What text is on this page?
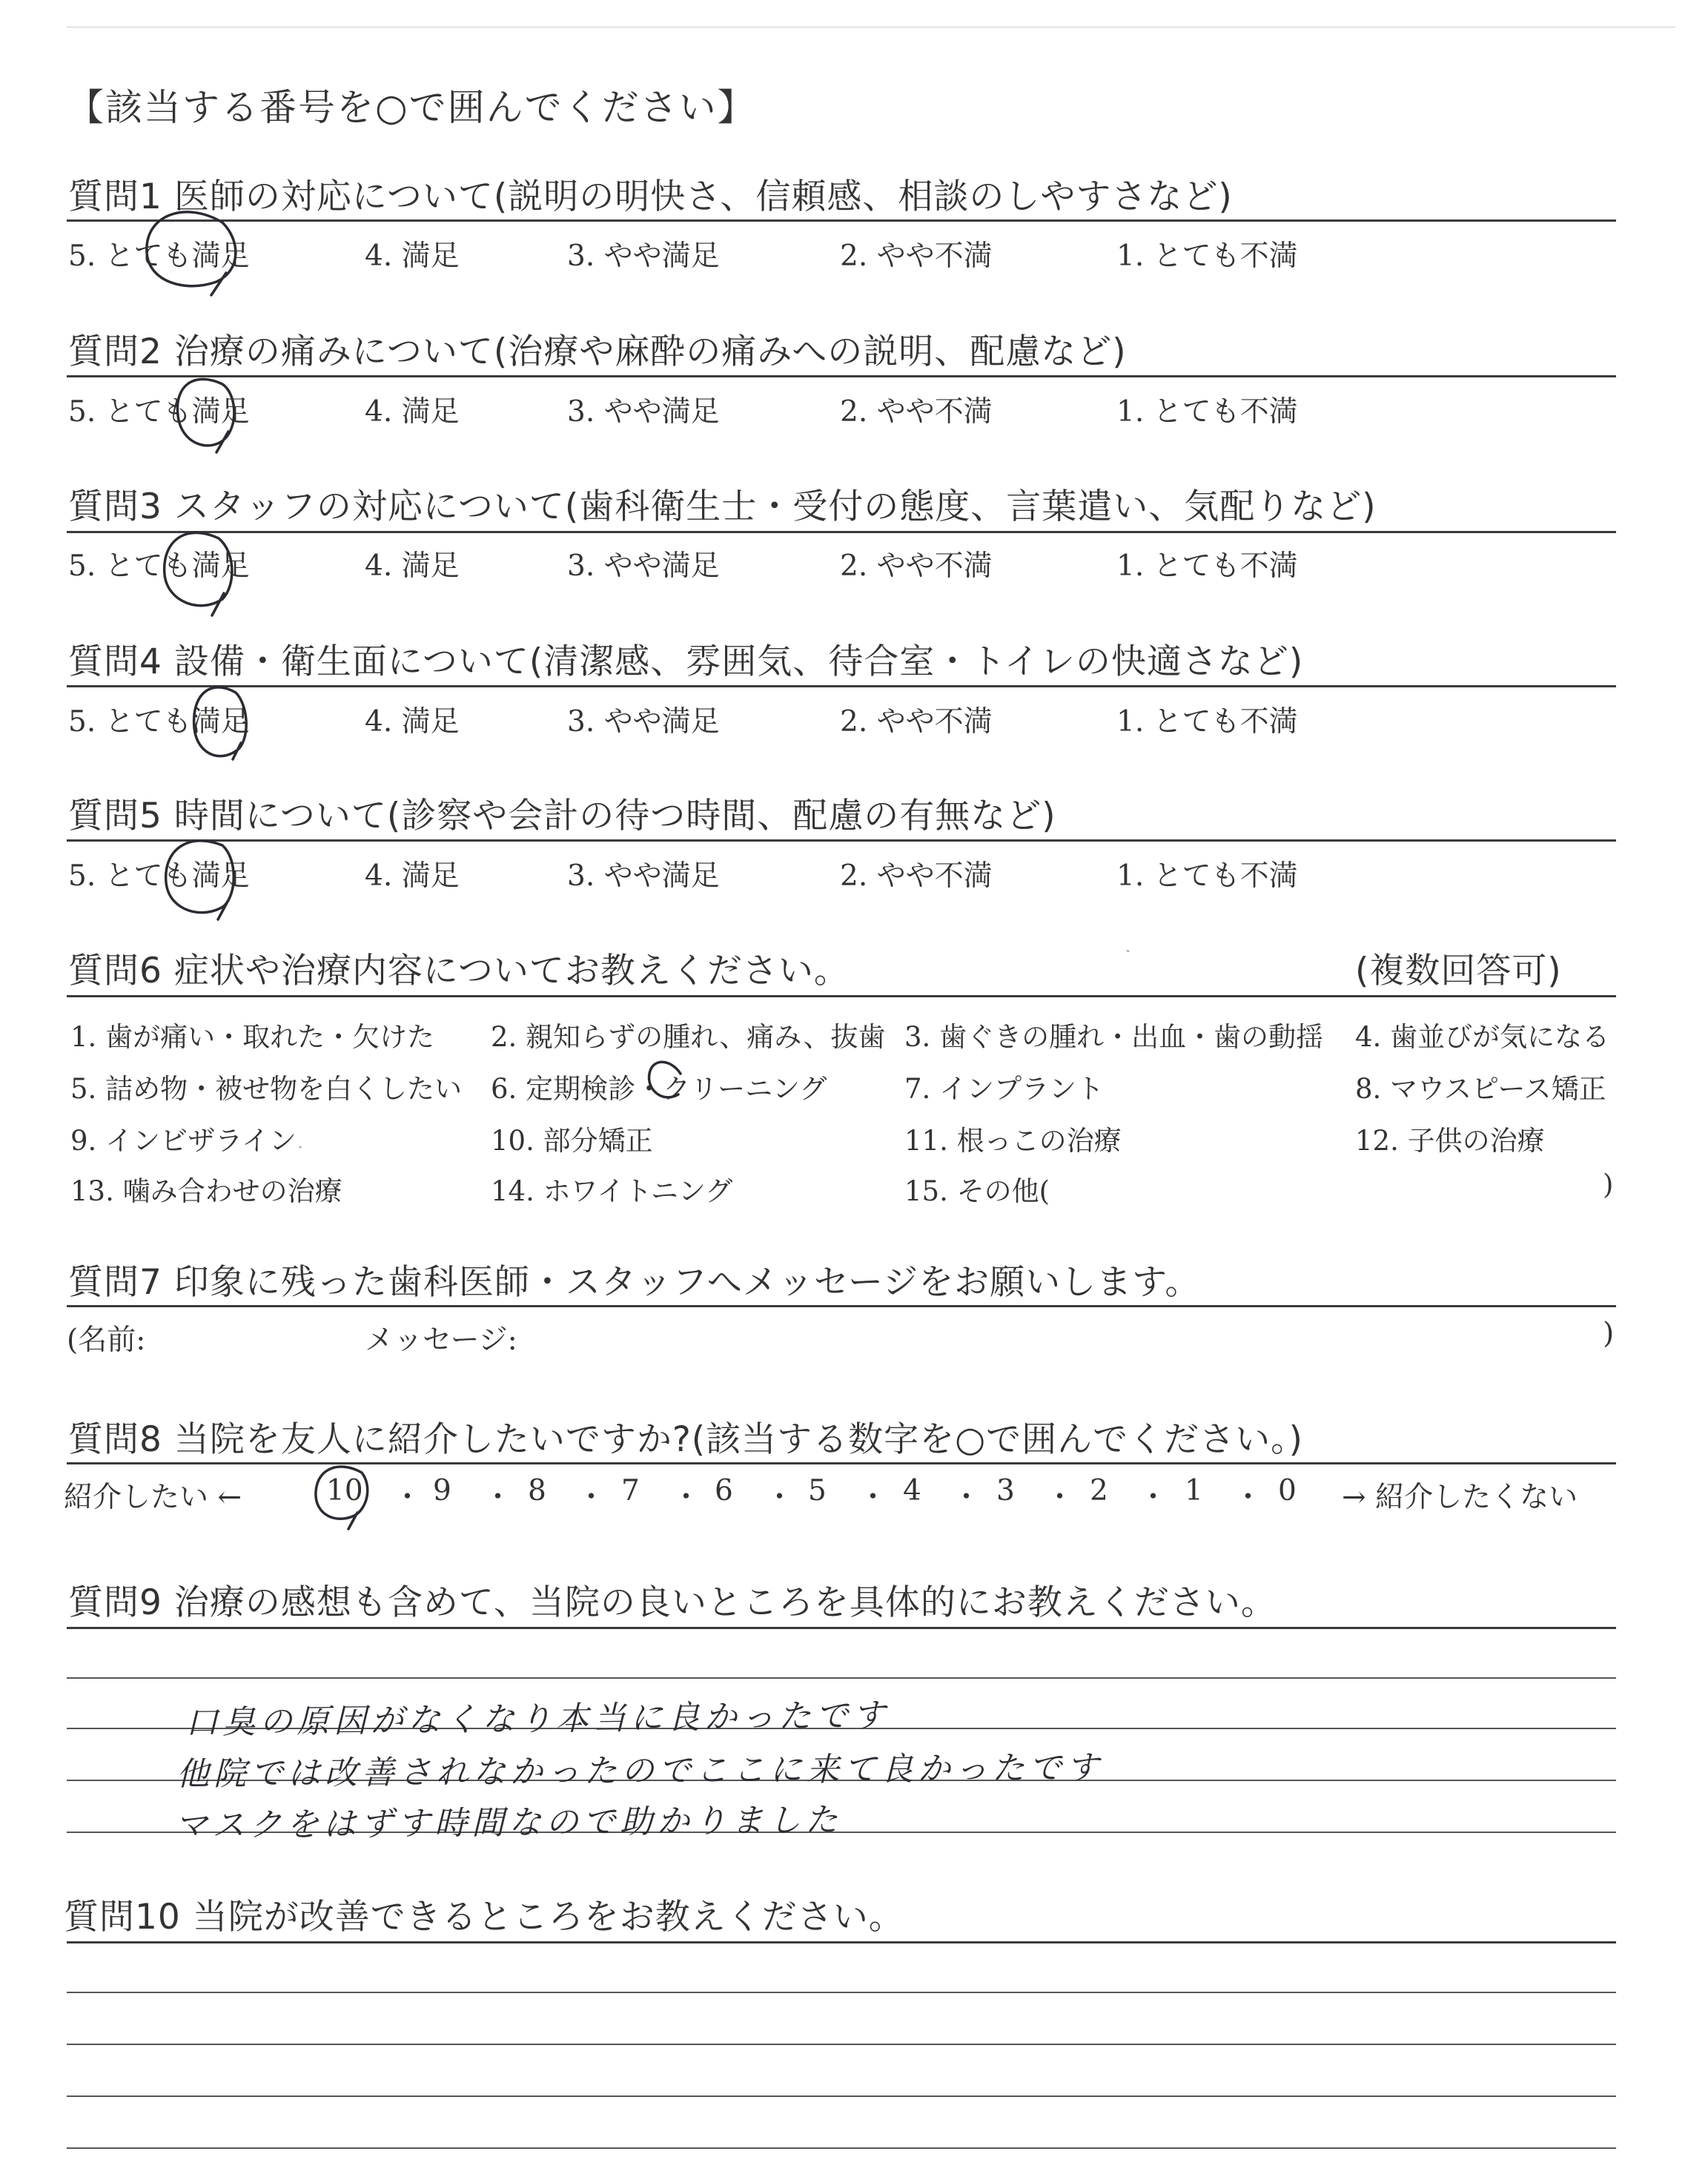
【該当する番号を○で囲んでください】
質問1 医師の対応について(説明の明快さ、信頼感、相談のしやすさなど)
5. とても満足	4. 満足	3. やや満足	2. やや不満	1. とても不満
質問2 治療の痛みについて(治療や麻酔の痛みへの説明、配慮など)
5. とても満足	4. 満足	3. やや満足	2. やや不満	1. とても不満
質問3 スタッフの対応について(歯科衛生士・受付の態度、言葉遣い、気配りなど)
5. とても満足	4. 満足	3. やや満足	2. やや不満	1. とても不満
質問4 設備・衛生面について(清潔感、雰囲気、待合室・トイレの快適さなど)
5. とても満足	4. 満足	3. やや満足	2. やや不満	1. とても不満
質問5 時間について(診察や会計の待つ時間、配慮の有無など)
5. とても満足	4. 満足	3. やや満足	2. やや不満	1. とても不満
質問6 症状や治療内容についてお教えください。	(複数回答可)
1. 歯が痛い・取れた・欠けた 2. 親知らずの腫れ、痛み、抜歯 3. 歯ぐきの腫れ・出血・歯の動揺 4. 歯並びが気になる
5. 詰め物・被せ物を白くしたい 6. 定期検診・クリーニング	7. インプラント	8. マウスピース矯正
9. インビザライン	10. 部分矯正	11. 根っこの治療	12. 子供の治療
13. 噛み合わせの治療	14. ホワイトニング	15. その他(	)
質問7 印象に残った歯科医師・スタッフへメッセージをお願いします。
(名前:	メッセージ:	)
質問8 当院を友人に紹介したいですか?(該当する数字を○で囲んでください。)
紹介したい ←	→ 紹介したくない
10 ・ 9 ・ 8 ・ 7 ・ 6 ・ 5 ・ 4 ・ 3 ・ 2 ・ 1 ・ 0
質問9 治療の感想も含めて、当院の良いところを具体的にお教えください。
口臭の原因がなくなり本当に良かったです
他院では改善されなかったのでここに来て良かったです
マスクをはずす時間なので助かりました
質問10 当院が改善できるところをお教えください。
